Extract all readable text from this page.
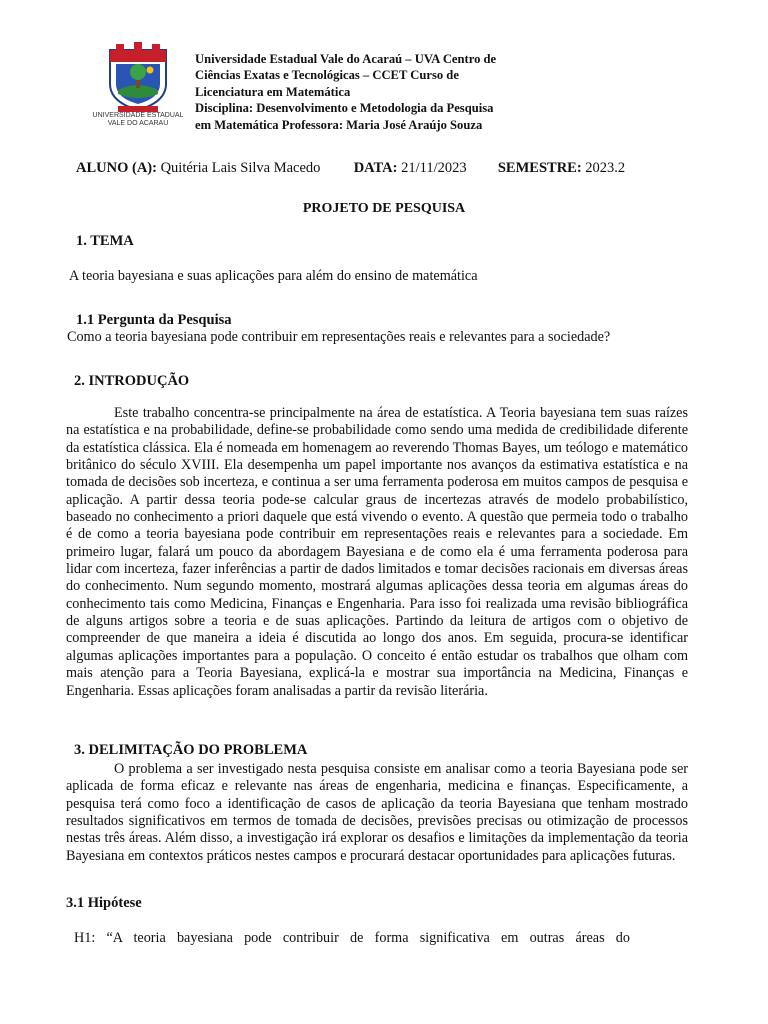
UNIVERSIDADE ESTADUAL
VALE DO ACARAÚ
Universidade Estadual Vale do Acaraú – UVA Centro de
Ciências Exatas e Tecnológicas – CCET Curso de
Licenciatura em Matemática
Disciplina: Desenvolvimento e Metodologia da Pesquisa
em Matemática Professora: Maria José Araújo Souza
ALUNO (A): Quitéria Lais Silva Macedo DATA: 21/11/2023 SEMESTRE: 2023.2
PROJETO DE PESQUISA
1. TEMA
A teoria bayesiana e suas aplicações para além do ensino de matemática
1.1 Pergunta da Pesquisa
Como a teoria bayesiana pode contribuir em representações reais e relevantes para a sociedade?
2. INTRODUÇÃO

Este trabalho concentra-se principalmente na área de estatística. A Teoria bayesiana tem suas raízes na estatística e na probabilidade, define-se probabilidade como sendo uma medida de credibilidade diferente da estatística clássica. Ela é nomeada em homenagem ao reverendo Thomas Bayes, um teólogo e matemático britânico do século XVIII. Ela desempenha um papel importante nos avanços da estimativa estatística e na tomada de decisões sob incerteza, e continua a ser uma ferramenta poderosa em muitos campos de pesquisa e aplicação. A partir dessa teoria pode-se calcular graus de incertezas através de modelo probabilístico, baseado no conhecimento a priori daquele que está vivendo o evento. A questão que permeia todo o trabalho é de como a teoria bayesiana pode contribuir em representações reais e relevantes para a sociedade. Em primeiro lugar, falará um pouco da abordagem Bayesiana e de como ela é uma ferramenta poderosa para lidar com incerteza, fazer inferências a partir de dados limitados e tomar decisões racionais em diversas áreas do conhecimento. Num segundo momento, mostrará algumas aplicações dessa teoria em algumas áreas do conhecimento tais como Medicina, Finanças e Engenharia. Para isso foi realizada uma revisão bibliográfica de alguns artigos sobre a teoria e de suas aplicações. Partindo da leitura de artigos com o objetivo de compreender de que maneira a ideia é discutida ao longo dos anos. Em seguida, procura-se identificar algumas aplicações importantes para a população. O conceito é então estudar os trabalhos que olham com mais atenção para a Teoria Bayesiana, explicá-la e mostrar sua importância na Medicina, Finanças e Engenharia. Essas aplicações foram analisadas a partir da revisão literária.

3. DELIMITAÇÃO DO PROBLEMA

O problema a ser investigado nesta pesquisa consiste em analisar como a teoria Bayesiana pode ser aplicada de forma eficaz e relevante nas áreas de engenharia, medicina e finanças. Especificamente, a pesquisa terá como foco a identificação de casos de aplicação da teoria Bayesiana que tenham mostrado resultados significativos em termos de tomada de decisões, previsões precisas ou otimização de processos nestas três áreas. Além disso, a investigação irá explorar os desafios e limitações da implementação da teoria Bayesiana em contextos práticos nestes campos e procurará destacar oportunidades para aplicações futuras.

3.1 Hipótese
H1: “A teoria bayesiana pode contribuir de forma significativa em outras áreas do
